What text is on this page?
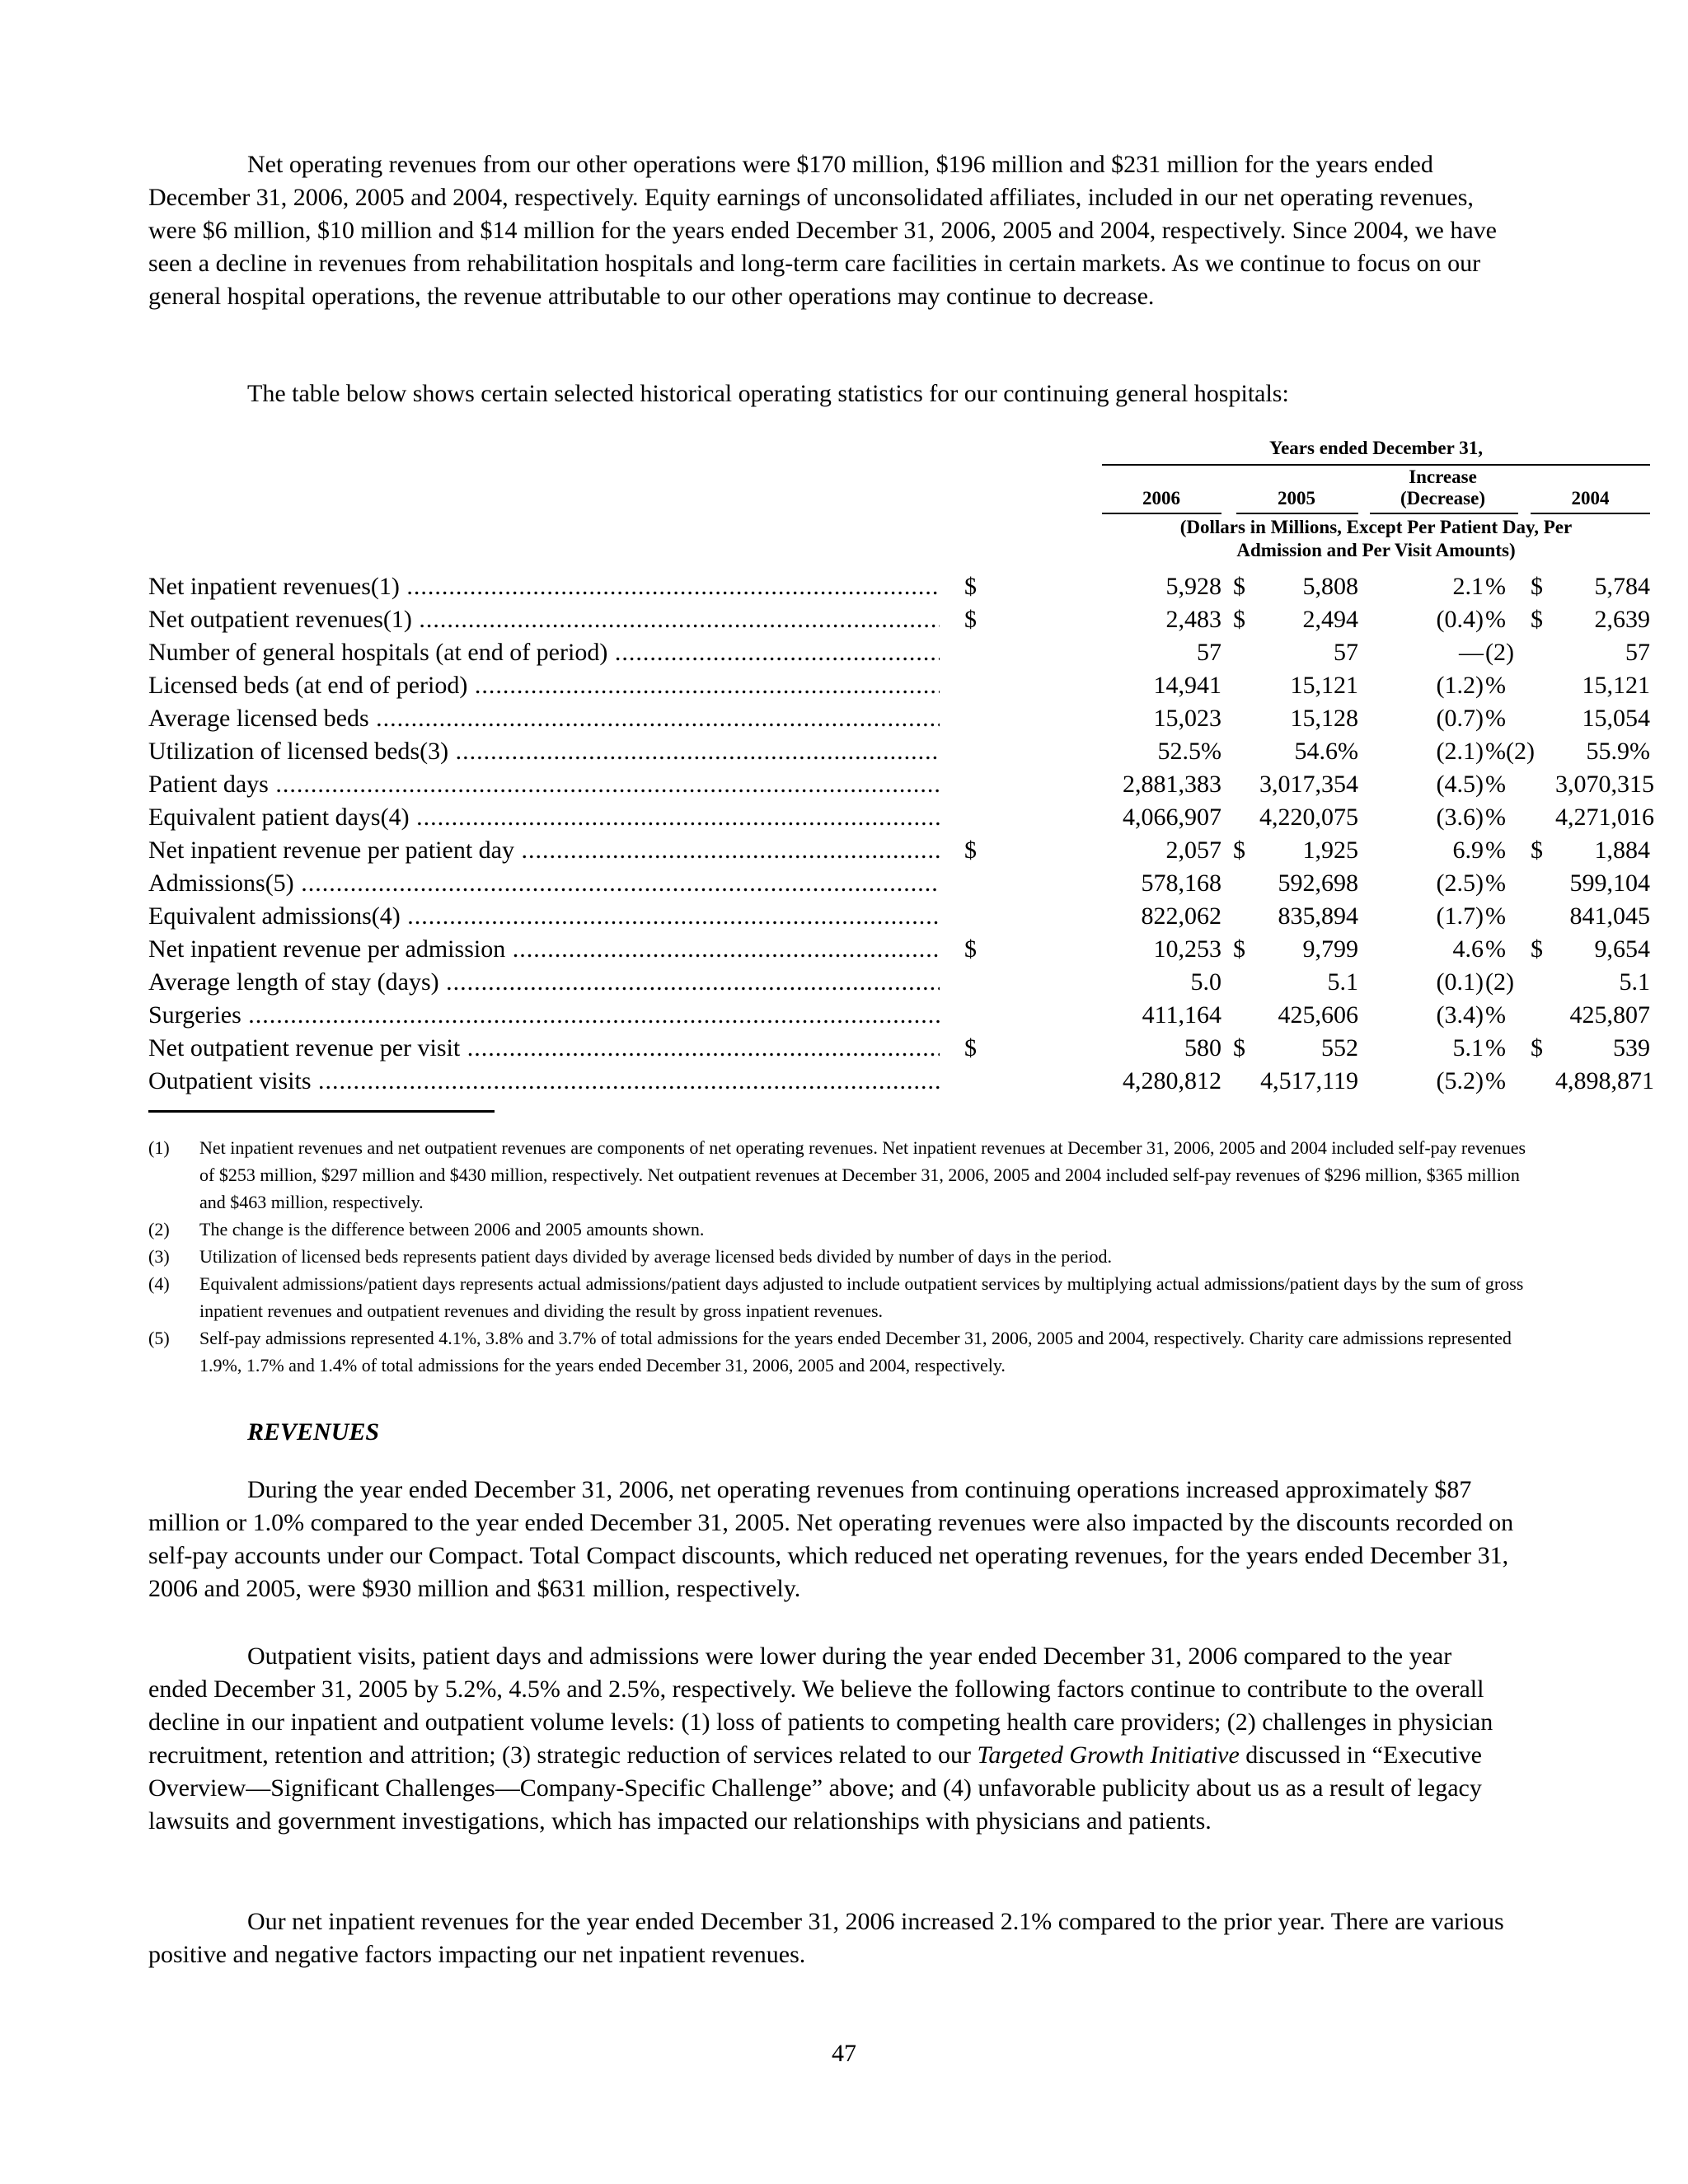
Net operating revenues from our other operations were $170 million, $196 million and $231 million for the years ended December 31, 2006, 2005 and 2004, respectively. Equity earnings of unconsolidated affiliates, included in our net operating revenues, were $6 million, $10 million and $14 million for the years ended December 31, 2006, 2005 and 2004, respectively. Since 2004, we have seen a decline in revenues from rehabilitation hospitals and long-term care facilities in certain markets. As we continue to focus on our general hospital operations, the revenue attributable to our other operations may continue to decrease.

The table below shows certain selected historical operating statistics for our continuing general hospitals:

Years ended December 31,
2006	2005
Increase
(Decrease)	2004
(Dollars in Millions, Except Per Patient Day, Per
Admission and Per Visit Amounts)
Net inpatient revenues(1) .....	$	5,928 $	5,808	2.1 %	$	5,784
Net outpatient revenues(1) .....	$	2,483 $	2,494	(0.4) %	$	2,639
Number of general hospitals (at end of period) .....	57	57	— (2)	57
Licensed beds (at end of period) .....	14,941	15,121	(1.2) %	15,121
Average licensed beds .....	15,023	15,128	(0.7) %	15,054
Utilization of licensed beds(3) .....	52.5%	54.6%	(2.1) %(2)	55.9%
Patient days .....	2,881,383 3,017,354	(4.5) %	3,070,315
Equivalent patient days(4) .....	4,066,907 4,220,075	(3.6) %	4,271,016
Net inpatient revenue per patient day .....	$	2,057 $	1,925	6.9 %	$	1,884
Admissions(5) .....	578,168	592,698	(2.5) %	599,104
Equivalent admissions(4) .....	822,062	835,894	(1.7) %	841,045
Net inpatient revenue per admission .....	$	10,253 $	9,799	4.6 %	$	9,654
Average length of stay (days) .....	5.0	5.1	(0.1) (2)	5.1
Surgeries .....	411,164	425,606	(3.4) %	425,807
Net outpatient revenue per visit .....	$	580 $	552	5.1 %	$	539
Outpatient visits .....	4,280,812 4,517,119	(5.2) %	4,898,871
(1) Net inpatient revenues and net outpatient revenues are components of net operating revenues. Net inpatient revenues at December 31, 2006, 2005 and 2004 included self-pay revenues of $253 million, $297 million and $430 million, respectively. Net outpatient revenues at December 31, 2006, 2005 and 2004 included self-pay revenues of $296 million, $365 million and $463 million, respectively.
(2) The change is the difference between 2006 and 2005 amounts shown.
(3) Utilization of licensed beds represents patient days divided by average licensed beds divided by number of days in the period.
(4) Equivalent admissions/patient days represents actual admissions/patient days adjusted to include outpatient services by multiplying actual admissions/patient days by the sum of gross inpatient revenues and outpatient revenues and dividing the result by gross inpatient revenues.
(5) Self-pay admissions represented 4.1%, 3.8% and 3.7% of total admissions for the years ended December 31, 2006, 2005 and 2004, respectively. Charity care admissions represented 1.9%, 1.7% and 1.4% of total admissions for the years ended December 31, 2006, 2005 and 2004, respectively.

REVENUES

During the year ended December 31, 2006, net operating revenues from continuing operations increased approximately $87 million or 1.0% compared to the year ended December 31, 2005. Net operating revenues were also impacted by the discounts recorded on self-pay accounts under our Compact. Total Compact discounts, which reduced net operating revenues, for the years ended December 31, 2006 and 2005, were $930 million and $631 million, respectively.

Outpatient visits, patient days and admissions were lower during the year ended December 31, 2006 compared to the year ended December 31, 2005 by 5.2%, 4.5% and 2.5%, respectively. We believe the following factors continue to contribute to the overall decline in our inpatient and outpatient volume levels: (1) loss of patients to competing health care providers; (2) challenges in physician recruitment, retention and attrition; (3) strategic reduction of services related to our Targeted Growth Initiative discussed in “Executive Overview—Significant Challenges—Company-Specific Challenge” above; and (4) unfavorable publicity about us as a result of legacy lawsuits and government investigations, which has impacted our relationships with physicians and patients.

Our net inpatient revenues for the year ended December 31, 2006 increased 2.1% compared to the prior year. There are various positive and negative factors impacting our net inpatient revenues.

47
